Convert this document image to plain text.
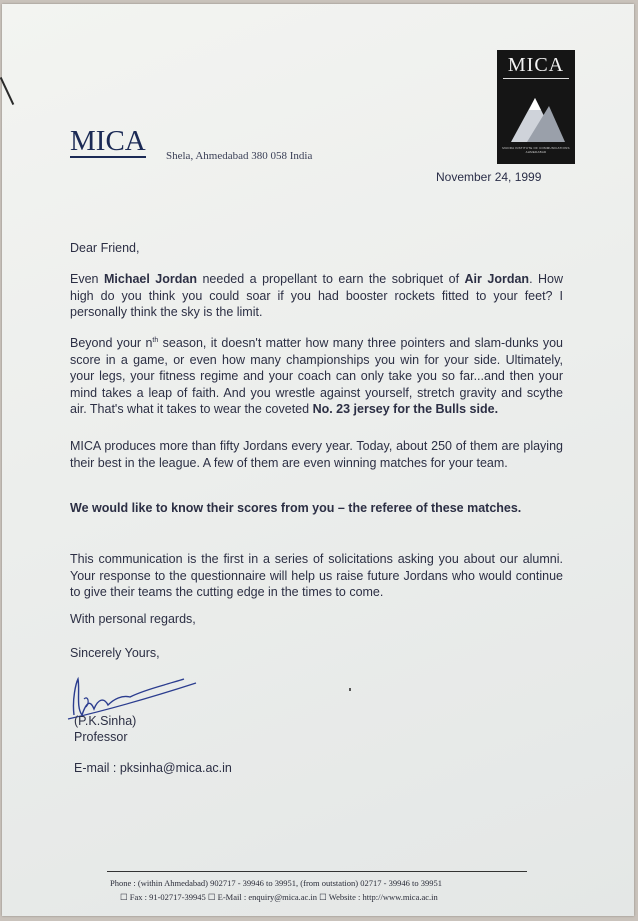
MICA
MUDRA INSTITUTE OF COMMUNICATIONS AHMEDABAD
MICA Shela, Ahmedabad 380 058 India
November 24, 1999
Dear Friend,
Even Michael Jordan needed a propellant to earn the sobriquet of Air Jordan. How high do you think you could soar if you had booster rockets fitted to your feet? I personally think the sky is the limit.
Beyond your $n^{th}$ season, it doesn't matter how many three pointers and slam-dunks you score in a game, or even how many championships you win for your side. Ultimately, your legs, your fitness regime and your coach can only take you so far...and then your mind takes a leap of faith. And you wrestle against yourself, stretch gravity and scythe air. That's what it takes to wear the coveted No. 23 jersey for the Bulls side.
MICA produces more than fifty Jordans every year. Today, about 250 of them are playing their best in the league. A few of them are even winning matches for your team.
We would like to know their scores from you – the referee of these matches.
This communication is the first in a series of solicitations asking you about our alumni. Your response to the questionnaire will help us raise future Jordans who would continue to give their teams the cutting edge in the times to come.
With personal regards,
Sincerely Yours,
(P.K.Sinha)
Professor
E-mail : pksinha@mica.ac.in
Phone : (within Ahmedabad) 902717 - 39946 to 39951, (from outstation) 02717 - 39946 to 39951
☐ Fax : 91-02717-39945 ☐ E-Mail : enquiry@mica.ac.in ☐ Website : http://www.mica.ac.in
